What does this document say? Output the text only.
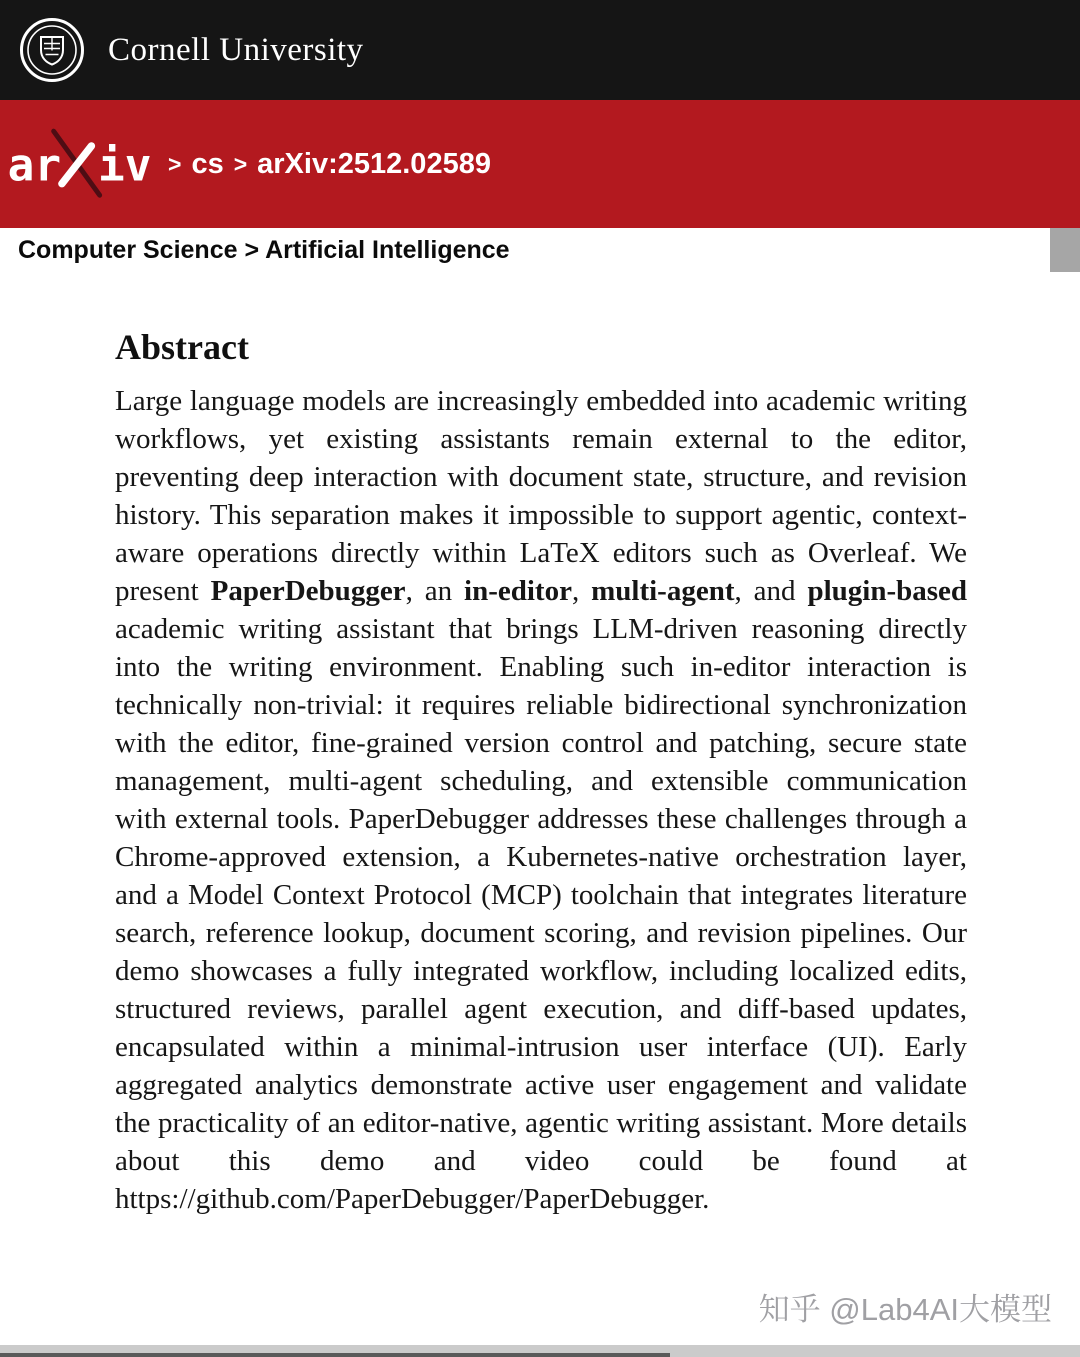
Cornell University
ar iv > cs > arXiv:2512.02589
Computer Science > Artificial Intelligence
Abstract

Large language models are increasingly embedded into academic writing workflows, yet existing assistants remain external to the editor, preventing deep interaction with document state, structure, and revision history. This separation makes it impossible to support agentic, context-aware operations directly within LaTeX editors such as Overleaf. We present PaperDebugger, an in-editor, multi-agent, and plugin-based academic writing assistant that brings LLM-driven reasoning directly into the writing environment. Enabling such in-editor interaction is technically non-trivial: it requires reliable bidirectional synchronization with the editor, fine-grained version control and patching, secure state management, multi-agent scheduling, and extensible communication with external tools. PaperDebugger addresses these challenges through a Chrome-approved extension, a Kubernetes-native orchestration layer, and a Model Context Protocol (MCP) toolchain that integrates literature search, reference lookup, document scoring, and revision pipelines. Our demo showcases a fully integrated workflow, including localized edits, structured reviews, parallel agent execution, and diff-based updates, encapsulated within a minimal-intrusion user interface (UI). Early aggregated analytics demonstrate active user engagement and validate the practicality of an editor-native, agentic writing assistant. More details about this demo and video could be found at https://github.com/PaperDebugger/PaperDebugger.

知乎 @Lab4AI大模型
